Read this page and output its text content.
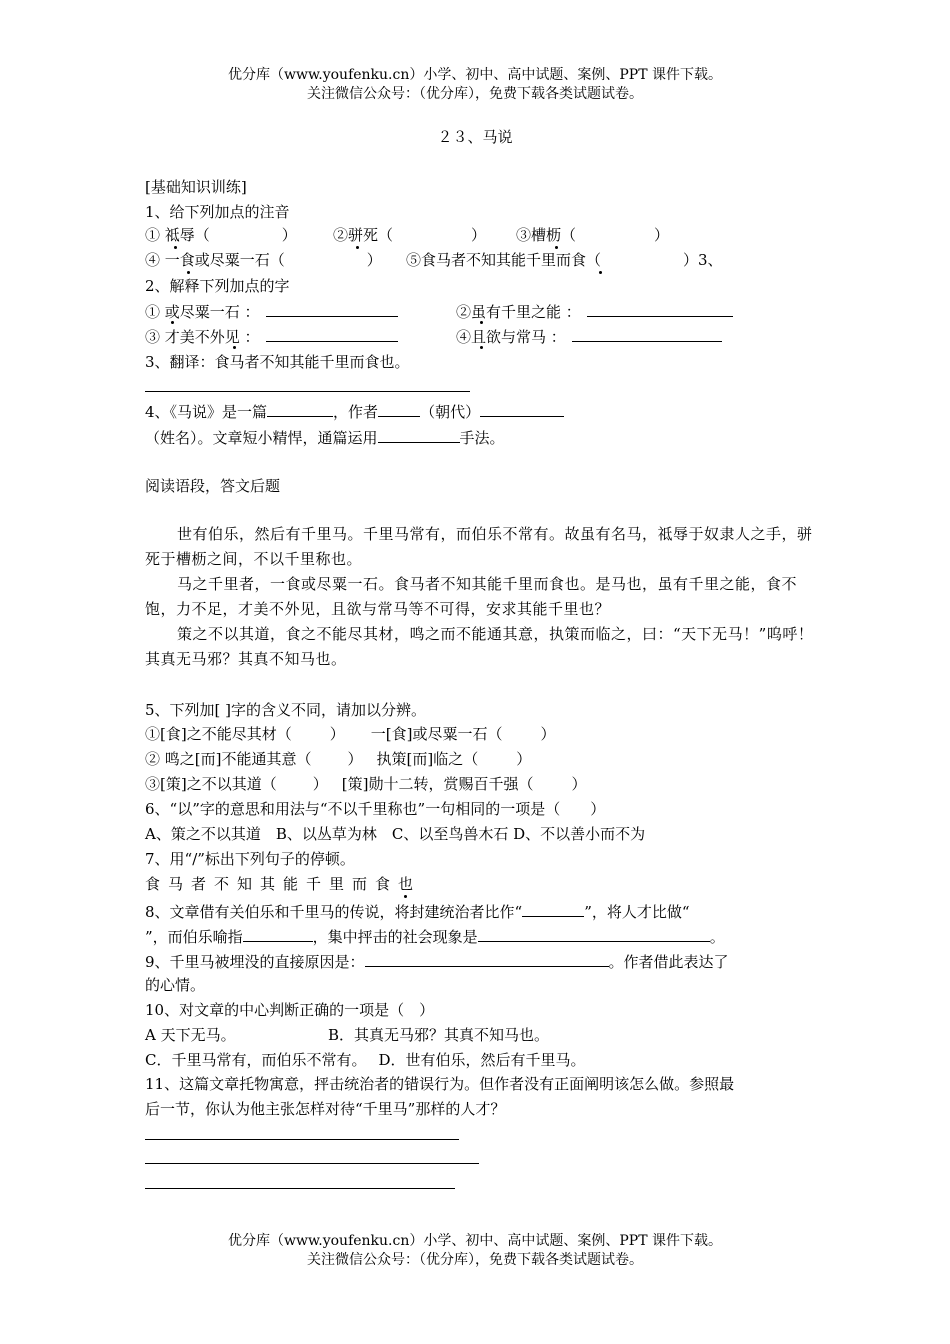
优分库（www.youfenku.cn）小学、初中、高中试题、案例、PPT 课件下载。
关注微信公众号：（优分库），免费下载各类试题试卷。
２３、马说
[基础知识训练]
1、给下列加点的注音
① 祗辱（	） ②骈死（	） ③槽枥（	）
④ 一食或尽粟一石（	） ⑤食马者不知其能千里而食（	）3、
2、解释下列加点的字
① 或尽粟一石 ：	②虽有千里之能 ：
③ 才美不外见 ：	④且欲与常马 ：
3、翻译：食马者不知其能千里而食也。
4、《马说》是一篇	，作者	（朝代）
（姓名）。文章短小精悍，通篇运用	手法。
阅读语段，答文后题
世有伯乐，然后有千里马。千里马常有，而伯乐不常有。故虽有名马，祗辱于奴隶人之手，骈死于槽枥之间，不以千里称也。
马之千里者，一食或尽粟一石。食马者不知其能千里而食也。是马也，虽有千里之能，食不饱，力不足，才美不外见，且欲与常马等不可得，安求其能千里也？
策之不以其道，食之不能尽其材，鸣之而不能通其意，执策而临之，曰：“天下无马！”呜呼！其真无马邪？其真不知马也。
5、下列加[ ]字的含义不同，请加以分辨。
①[食]之不能尽其材（	） 一[食]或尽粟一石（	）
② 鸣之[而]不能通其意（ ） 执策[而]临之（	）
③[策]之不以其道（ ） [策]勋十二转，赏赐百千强（	）
6、“以”字的意思和用法与“不以千里称也”一句相同的一项是（　　）
A、策之不以其道　B、以丛草为林　C、以至鸟兽木石 D、不以善小而不为
7、用“/”标出下列句子的停顿。
食马者不知其能千里而食也
8、文章借有关伯乐和千里马的传说，将封建统治者比作“	”，将人才比做“
”，而伯乐喻指	，集中抨击的社会现象是	。
9、千里马被埋没的直接原因是：	。作者借此表达了
的心情。
10、对文章的中心判断正确的一项是（　）
A 天下无马。	B．其真无马邪？其真不知马也。
C．千里马常有，而伯乐不常有。 D．世有伯乐，然后有千里马。
11、这篇文章托物寓意，抨击统治者的错误行为。但作者没有正面阐明该怎么做。参照最
后一节，你认为他主张怎样对待“千里马”那样的人才？
优分库（www.youfenku.cn）小学、初中、高中试题、案例、PPT 课件下载。
关注微信公众号：（优分库），免费下载各类试题试卷。
